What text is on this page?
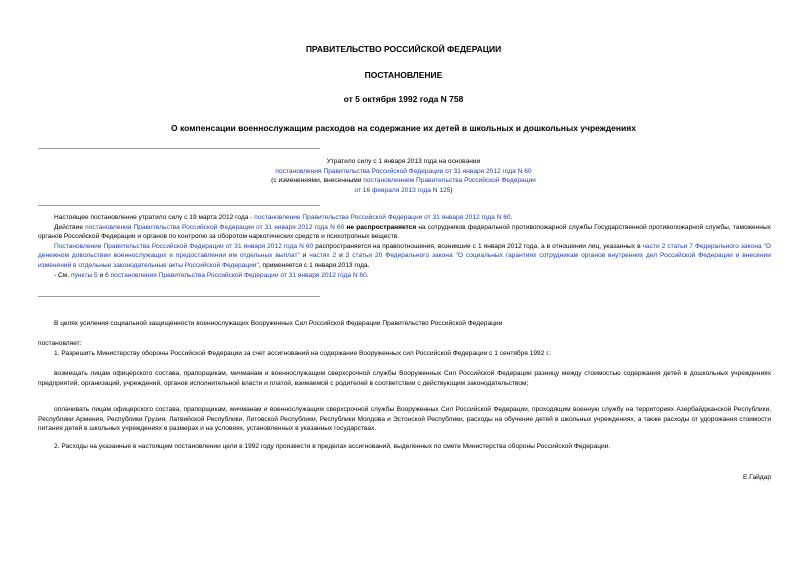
ПРАВИТЕЛЬСТВО РОССИЙСКОЙ ФЕДЕРАЦИИ
ПОСТАНОВЛЕНИЕ
от 5 октября 1992 года N 758
О компенсации военнослужащим расходов на содержание их детей в школьных и дошкольных учреждениях
Утратило силу с 1 января 2013 года на основании
постановления Правительства Российской Федерации от 31 января 2012 года N 60
(с изменениями, внесенными постановлением Правительства Российской Федерации
от 16 февраля 2013 года N 125)

Настоящее постановление утратило силу с 19 марта 2012 года - постановление Правительства Российской Федерации от 31 января 2012 года N 60.

Действие постановления Правительства Российской Федерации от 31 января 2012 года N 60 не распространяется на сотрудников федеральной противопожарной службы Государственной противопожарной службы, таможенных органов Российской Федерации и органов по контролю за оборотом наркотических средств и психотропных веществ.

Постановление Правительства Российской Федерации от 31 января 2012 года N 60 распространяется на правоотношения, возникшие с 1 января 2012 года, а в отношении лиц, указанных в части 2 статьи 7 Федерального закона "О денежном довольствии военнослужащих и предоставлении им отдельных выплат" и частях 2 и 3 статьи 20 Федерального закона "О социальных гарантиях сотрудникам органов внутренних дел Российской Федерации и внесении изменений в отдельные законодательные акты Российской Федерации", применяется с 1 января 2013 года.

- См. пункты 5 и 6 постановления Правительства Российской Федерации от 31 января 2012 года N 60.

В целях усиления социальной защищенности военнослужащих Вооруженных Сил Российской Федерации Правительство Российской Федерации
постановляет:
1. Разрешить Министерству обороны Российской Федерации за счет ассигнований на содержание Вооруженных сил Российской Федерации с 1 сентября 1992 г.:
возмещать лицам офицерского состава, прапорщикам, мичманам и военнослужащим сверхсрочной службы Вооруженных Сил Российской Федерации разницу между стоимостью содержания детей в дошкольных учреждениях предприятий, организаций, учреждений, органов исполнительной власти и платой, взимаемой с родителей в соответствии с действующим законодательством;
оплачивать лицам офицерского состава, прапорщикам, мичманам и военнослужащим сверхсрочной службы Вооруженных Сил Российской Федерации, проходящим военную службу на территориях Азербайджанской Республики, Республики Армения, Республики Грузия, Латвийской Республики, Литовской Республики, Республики Молдова и Эстонской Республики, расходы на обучение детей в школьных учреждениях, а также расходы от удорожания стоимости питания детей в школьных учреждениях в размерах и на условиях, установленных в указанных государствах.
2. Расходы на указанные в настоящем постановлении цели в 1992 году произвести в пределах ассигнований, выделенных по смете Министерства обороны Российской Федерации.
Е.Гайдар
